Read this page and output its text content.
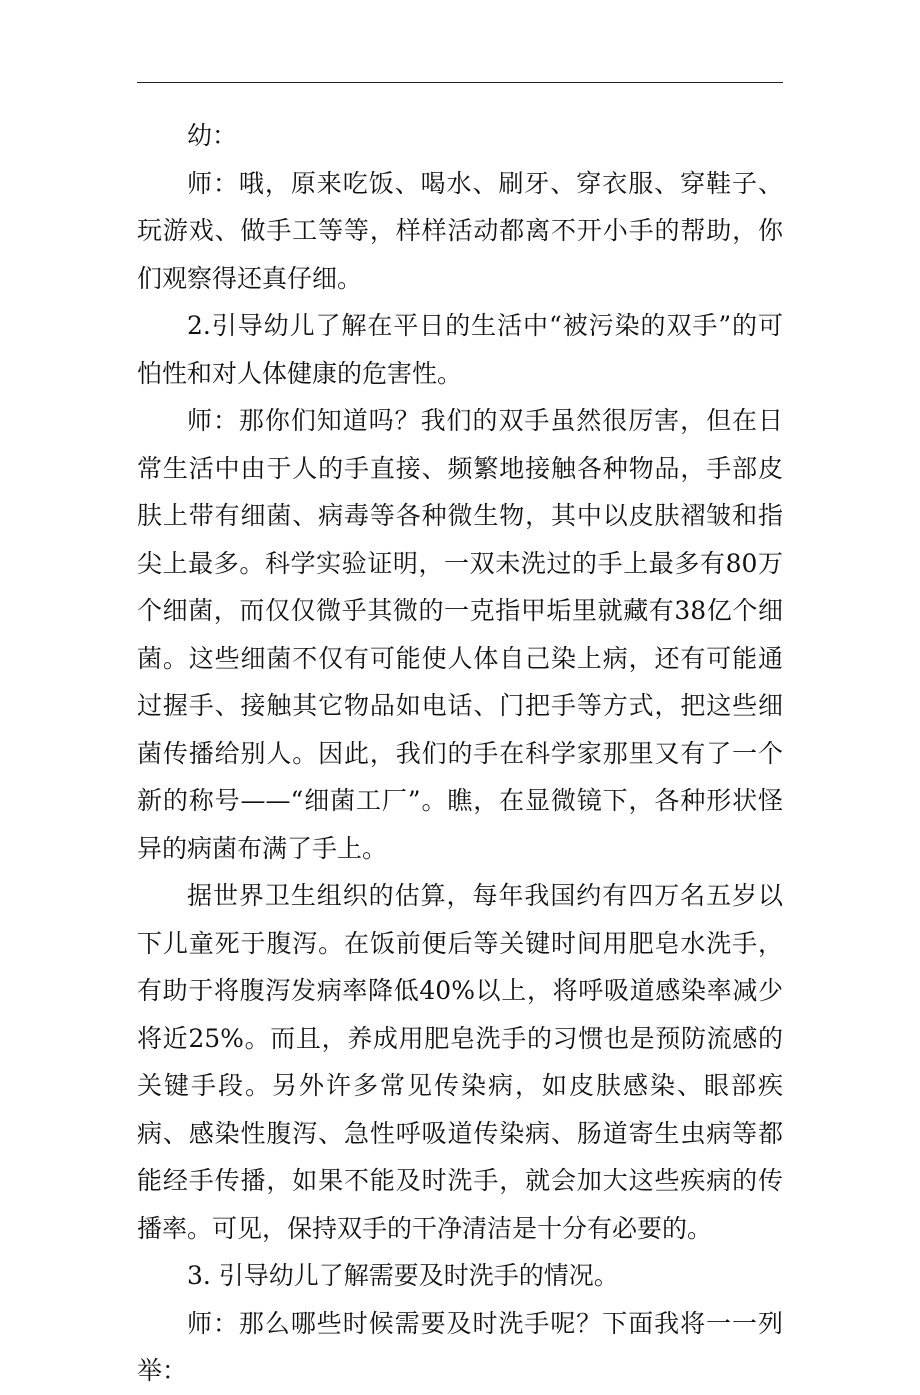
幼：

师：哦，原来吃饭、喝水、刷牙、穿衣服、穿鞋子、玩游戏、做手工等等，样样活动都离不开小手的帮助，你们观察得还真仔细。

2.引导幼儿了解在平日的生活中“被污染的双手”的可怕性和对人体健康的危害性。

师：那你们知道吗？我们的双手虽然很厉害，但在日常生活中由于人的手直接、频繁地接触各种物品，手部皮肤上带有细菌、病毒等各种微生物，其中以皮肤褶皱和指尖上最多。科学实验证明，一双未洗过的手上最多有80万个细菌，而仅仅微乎其微的一克指甲垢里就藏有38亿个细菌。这些细菌不仅有可能使人体自己染上病，还有可能通过握手、接触其它物品如电话、门把手等方式，把这些细菌传播给别人。因此，我们的手在科学家那里又有了一个新的称号——“细菌工厂”。瞧，在显微镜下，各种形状怪异的病菌布满了手上。

据世界卫生组织的估算，每年我国约有四万名五岁以下儿童死于腹泻。在饭前便后等关键时间用肥皂水洗手，有助于将腹泻发病率降低40%以上，将呼吸道感染率减少将近25%。而且，养成用肥皂洗手的习惯也是预防流感的关键手段。另外许多常见传染病，如皮肤感染、眼部疾病、感染性腹泻、急性呼吸道传染病、肠道寄生虫病等都能经手传播，如果不能及时洗手，就会加大这些疾病的传播率。可见，保持双手的干净清洁是十分有必要的。

3. 引导幼儿了解需要及时洗手的情况。

师：那么哪些时候需要及时洗手呢？下面我将一一列举：
